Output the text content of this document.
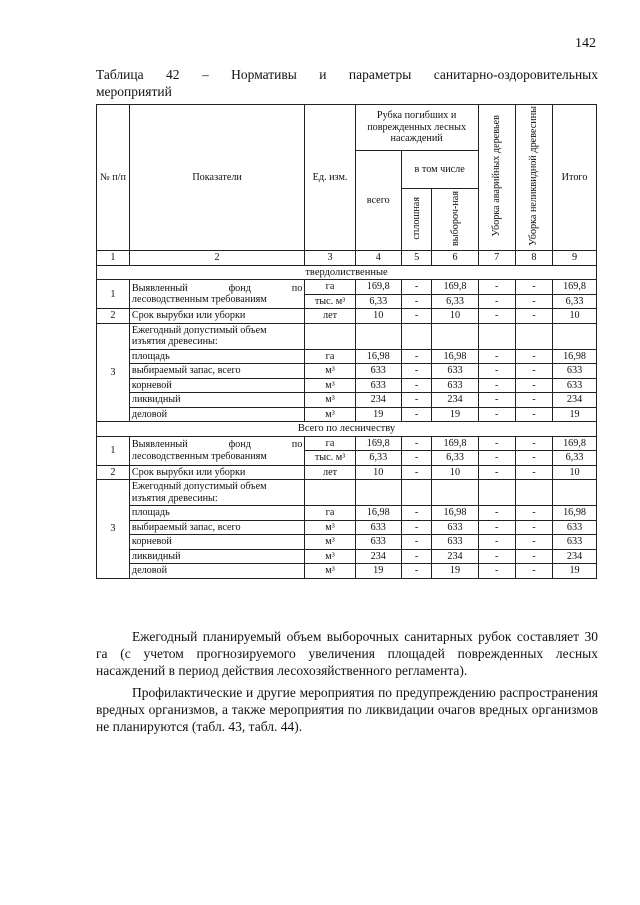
142
Таблица 42 – Нормативы и параметры санитарно-оздоровительных
мероприятий
№ п/п	Показатели	Ед. изм.	Рубка погибших и поврежденных лесных насаждений			Уборка аварийных деревьев	Уборка неликвидной древесины	Итого
			всего	в том числе				
				сплошная	выбороч-ная			
1	2	3	4	5	6	7	8	9
твердолиственные								
1	Выявленный фонд по лесоводственным требованиям	га	169,8	-	169,8	-	-	169,8
		тыс. м³	6,33	-	6,33	-	-	6,33
2	Срок вырубки или уборки	лет	10	-	10	-	-	10
3	Ежегодный допустимый объем изъятия древесины:							
	площадь	га	16,98	-	16,98	-	-	16,98
	выбираемый запас, всего	м³	633	-	633	-	-	633
	корневой	м³	633	-	633	-	-	633
	ликвидный	м³	234	-	234	-	-	234
	деловой	м³	19	-	19	-	-	19
Всего по лесничеству								
1	Выявленный фонд по лесоводственным требованиям	га	169,8	-	169,8	-	-	169,8
		тыс. м³	6,33	-	6,33	-	-	6,33
2	Срок вырубки или уборки	лет	10	-	10	-	-	10
3	Ежегодный допустимый объем изъятия древесины:							
	площадь	га	16,98	-	16,98	-	-	16,98
	выбираемый запас, всего	м³	633	-	633	-	-	633
	корневой	м³	633	-	633	-	-	633
	ликвидный	м³	234	-	234	-	-	234
	деловой	м³	19	-	19	-	-	19
Ежегодный планируемый объем выборочных санитарных рубок составляет 30 га (с учетом прогнозируемого увеличения площадей поврежденных лесных насаждений в период действия лесохозяйственного регламента).
Профилактические и другие мероприятия по предупреждению распространения вредных организмов, а также мероприятия по ликвидации очагов вредных организмов не планируются (табл. 43, табл. 44).
